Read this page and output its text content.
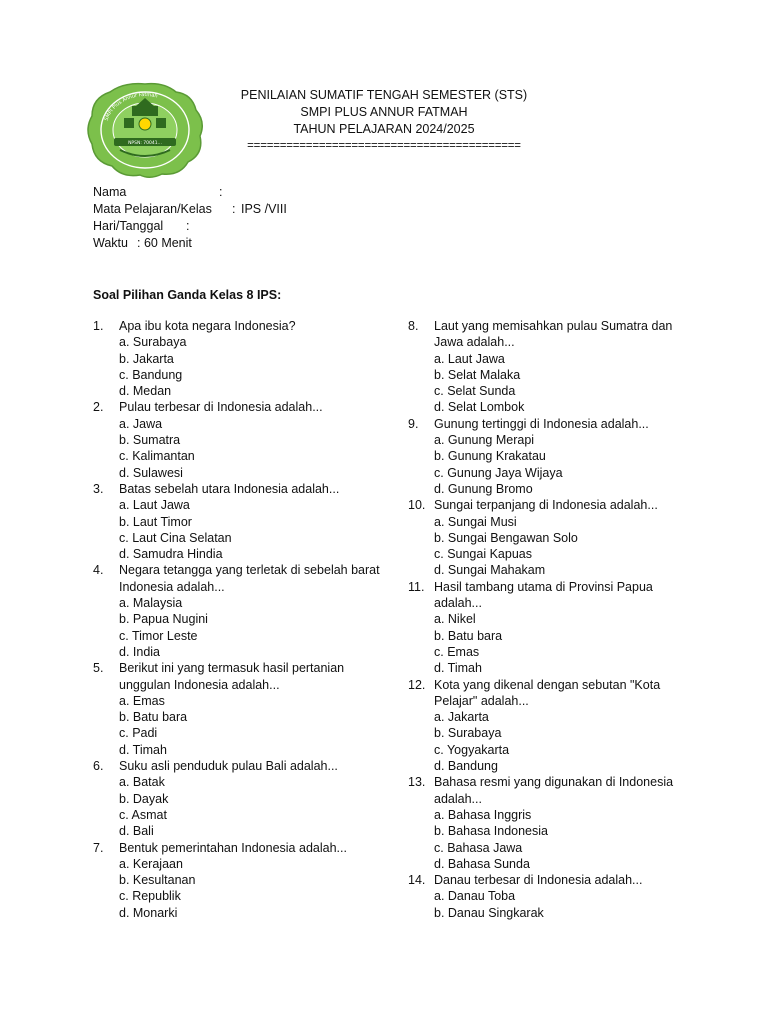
SMPI Plus Annur Fatmah
NPSN: 70041...
PENILAIAN SUMATIF TENGAH SEMESTER (STS)
SMPI PLUS ANNUR FATMAH
TAHUN PELAJARAN 2024/2025
==========================================
Nama	:
Mata Pelajaran/Kelas : IPS /VIII
Hari/Tanggal :
Waktu : 60 Menit
Soal Pilihan Ganda Kelas 8 IPS:
1. Apa ibu kota negara Indonesia?
a. Surabaya
b. Jakarta
c. Bandung
d. Medan
2. Pulau terbesar di Indonesia adalah...
a. Jawa
b. Sumatra
c. Kalimantan
d. Sulawesi
3. Batas sebelah utara Indonesia adalah...
a. Laut Jawa
b. Laut Timor
c. Laut Cina Selatan
d. Samudra Hindia
4. Negara tetangga yang terletak di sebelah barat Indonesia adalah...
a. Malaysia
b. Papua Nugini
c. Timor Leste
d. India
5. Berikut ini yang termasuk hasil pertanian unggulan Indonesia adalah...
a. Emas
b. Batu bara
c. Padi
d. Timah
6. Suku asli penduduk pulau Bali adalah...
a. Batak
b. Dayak
c. Asmat
d. Bali
7. Bentuk pemerintahan Indonesia adalah...
a. Kerajaan
b. Kesultanan
c. Republik
d. Monarki
8. Laut yang memisahkan pulau Sumatra dan Jawa adalah...
a. Laut Jawa
b. Selat Malaka
c. Selat Sunda
d. Selat Lombok
9. Gunung tertinggi di Indonesia adalah...
a. Gunung Merapi
b. Gunung Krakatau
c. Gunung Jaya Wijaya
d. Gunung Bromo
10. Sungai terpanjang di Indonesia adalah...
a. Sungai Musi
b. Sungai Bengawan Solo
c. Sungai Kapuas
d. Sungai Mahakam
11. Hasil tambang utama di Provinsi Papua adalah...
a. Nikel
b. Batu bara
c. Emas
d. Timah
12. Kota yang dikenal dengan sebutan "Kota Pelajar" adalah...
a. Jakarta
b. Surabaya
c. Yogyakarta
d. Bandung
13. Bahasa resmi yang digunakan di Indonesia adalah...
a. Bahasa Inggris
b. Bahasa Indonesia
c. Bahasa Jawa
d. Bahasa Sunda
14. Danau terbesar di Indonesia adalah...
a. Danau Toba
b. Danau Singkarak
